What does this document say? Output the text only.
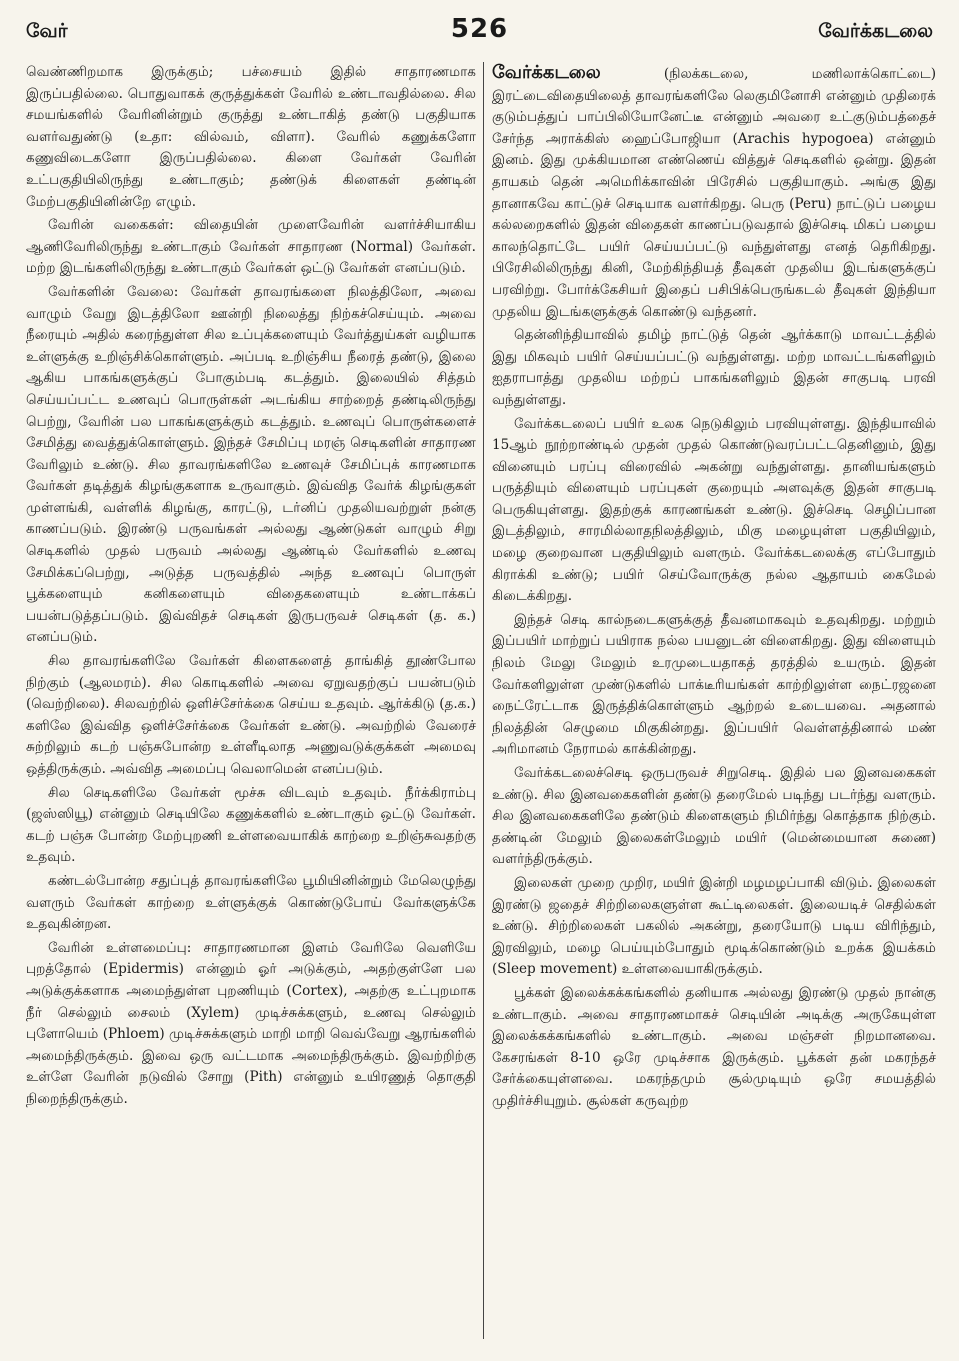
வேர்	526	வேர்க்கடலை

வெண்ணிறமாக இருக்கும்; பச்சையம் இதில் சாதாரணமாக இருப்பதில்லை. பொதுவாகக் குருத்துக்கள் வேரில் உண்டாவதில்லை. சில சமயங்களில் வேரினின்றும் குருத்து உண்டாகித் தண்டு பகுதியாக வளர்வதுண்டு (உதா: வில்வம், விளா). வேரில் கணுக்களோ கணுவிடைகளோ இருப்பதில்லை. கிளை வேர்கள் வேரின் உட்பகுதியிலிருந்து உண்டாகும்; தண்டுக் கிளைகள் தண்டின் மேற்பகுதியினின்றே எழும்.

வேரின் வகைகள்: விதையின் முளைவேரின் வளர்ச்சியாகிய ஆணிவேரிலிருந்து உண்டாகும் வேர்கள் சாதாரண (Normal) வேர்கள். மற்ற இடங்களிலிருந்து உண்டாகும் வேர்கள் ஒட்டு வேர்கள் எனப்படும்.

வேர்களின் வேலை: வேர்கள் தாவரங்களை நிலத்திலோ, அவை வாழும் வேறு இடத்திலோ ஊன்றி நிலைத்து நிற்கச்செய்யும். அவை நீரையும் அதில் கரைந்துள்ள சில உப்புக்களையும் வேர்த்துய்கள் வழியாக உள்ளுக்கு உறிஞ்சிக்கொள்ளும். அப்படி உறிஞ்சிய நீரைத் தண்டு, இலை ஆகிய பாகங்களுக்குப் போகும்படி கடத்தும். இலையில் சித்தம் செய்யப்பட்ட உணவுப் பொருள்கள் அடங்கிய சாற்றைத் தண்டிலிருந்து பெற்று, வேரின் பல பாகங்களுக்கும் கடத்தும். உணவுப் பொருள்களைச் சேமித்து வைத்துக்கொள்ளும். இந்தச் சேமிப்பு மரஞ் செடிகளின் சாதாரண வேரிலும் உண்டு. சில தாவரங்களிலே உணவுச் சேமிப்புக் காரணமாக வேர்கள் தடித்துக் கிழங்குகளாக உருவாகும். இவ்வித வேர்க் கிழங்குகள் முள்ளங்கி, வள்ளிக் கிழங்கு, காரட்டு, டர்னிப் முதலியவற்றுள் நன்கு காணப்படும். இரண்டு பருவங்கள் அல்லது ஆண்டுகள் வாழும் சிறு செடிகளில் முதல் பருவம் அல்லது ஆண்டில் வேர்களில் உணவு சேமிக்கப்பெற்று, அடுத்த பருவத்தில் அந்த உணவுப் பொருள் பூக்களையும் கனிகளையும் விதைகளையும் உண்டாக்கப் பயன்படுத்தப்படும். இவ்விதச் செடிகள் இருபருவச் செடிகள் (த. க.) எனப்படும்.

சில தாவரங்களிலே வேர்கள் கிளைகளைத் தாங்கித் தூண்போல நிற்கும் (ஆலமரம்). சில கொடிகளில் அவை ஏறுவதற்குப் பயன்படும் (வெற்றிலை). சிலவற்றில் ஒளிச்சேர்க்கை செய்ய உதவும். ஆர்க்கிடு (த.க.) களிலே இவ்வித ஒளிச்சேர்க்கை வேர்கள் உண்டு. அவற்றில் வேரைச் சுற்றிலும் கடற் பஞ்சுபோன்ற உள்ளீடிலாத அணுவடுக்குக்கள் அமைவு ஒத்திருக்கும். அவ்வித அமைப்பு வெலாமென் எனப்படும்.

சில செடிகளிலே வேர்கள் மூச்சு விடவும் உதவும். நீர்க்கிராம்பு (ஜஸ்ஸியூ) என்னும் செடியிலே கணுக்களில் உண்டாகும் ஒட்டு வேர்கள். கடற் பஞ்சு போன்ற மேற்புறணி உள்ளவையாகிக் காற்றை உறிஞ்சுவதற்கு உதவும்.

கண்டல்போன்ற சதுப்புத் தாவரங்களிலே பூமியினின்றும் மேலெழுந்து வளரும் வேர்கள் காற்றை உள்ளுக்குக் கொண்டுபோய் வேர்களுக்கே உதவுகின்றன.

வேரின் உள்ளமைப்பு: சாதாரணமான இளம் வேரிலே வெளியே புறத்தோல் (Epidermis) என்னும் ஓர் அடுக்கும், அதற்குள்ளே பல அடுக்குக்களாக அமைந்துள்ள புறணியும் (Cortex), அதற்கு உட்புறமாக நீர் செல்லும் சைலம் (Xylem) முடிச்சுக்களும், உணவு செல்லும் புளோயெம் (Phloem) முடிச்சுக்களும் மாறி மாறி வெவ்வேறு ஆரங்களில் அமைந்திருக்கும். இவை ஒரு வட்டமாக அமைந்திருக்கும். இவற்றிற்கு உள்ளே வேரின் நடுவில் சோறு (Pith) என்னும் உயிரணுத் தொகுதி நிறைந்திருக்கும்.

வேர்க்கடலை	(நிலக்கடலை, மணிலாக்கொட்டை) இரட்டைவிதையிலைத் தாவரங்களிலே லெகுமினோசி என்னும் முதிரைக் குடும்பத்துப் பாப்பிலியோனேட்டீ என்னும் அவரை உட்குடும்பத்தைச் சேர்ந்த அராக்கிஸ் ஹைப்போஜியா (Arachis hypogoea) என்னும் இனம். இது முக்கியமான எண்ணெய் வித்துச் செடிகளில் ஒன்று. இதன் தாயகம் தென் அமெரிக்காவின் பிரேசில் பகுதியாகும். அங்கு இது தானாகவே காட்டுச் செடியாக வளர்கிறது. பெரு (Peru) நாட்டுப் பழைய கல்லறைகளில் இதன் விதைகள் காணப்படுவதால் இச்செடி மிகப் பழைய காலந்தொட்டே பயிர் செய்யப்பட்டு வந்துள்ளது எனத் தெரிகிறது. பிரேசிலிலிருந்து கினி, மேற்கிந்தியத் தீவுகள் முதலிய இடங்களுக்குப் பரவிற்று. போர்க்கேசியர் இதைப் பசிபிக்பெருங்கடல் தீவுகள் இந்தியா முதலிய இடங்களுக்குக் கொண்டு வந்தனர்.

தென்னிந்தியாவில் தமிழ் நாட்டுத் தென் ஆர்க்காடு மாவட்டத்தில் இது மிகவும் பயிர் செய்யப்பட்டு வந்துள்ளது. மற்ற மாவட்டங்களிலும் ஐதராபாத்து முதலிய மற்றப் பாகங்களிலும் இதன் சாகுபடி பரவி வந்துள்ளது.

வேர்க்கடலைப் பயிர் உலக நெடுகிலும் பரவியுள்ளது. இந்தியாவில் 15ஆம் நூற்றாண்டில் முதன் முதல் கொண்டுவரப்பட்டதெனினும், இது வினையும் பரப்பு விரைவில் அகன்று வந்துள்ளது. தானியங்களும் பருத்தியும் விளையும் பரப்புகள் குறையும் அளவுக்கு இதன் சாகுபடி பெருகியுள்ளது. இதற்குக் காரணங்கள் உண்டு. இச்செடி செழிப்பான இடத்திலும், சாரமில்லாதநிலத்திலும், மிகு மழையுள்ள பகுதியிலும், மழை குறைவான பகுதியிலும் வளரும். வேர்க்கடலைக்கு எப்போதும் கிராக்கி உண்டு; பயிர் செய்வோருக்கு நல்ல ஆதாயம் கைமேல் கிடைக்கிறது.

இந்தச் செடி கால்நடைகளுக்குத் தீவனமாகவும் உதவுகிறது. மற்றும் இப்பயிர் மாற்றுப் பயிராக நல்ல பயனுடன் விளைகிறது. இது விளையும் நிலம் மேலு மேலும் உரமுடையதாகத் தரத்தில் உயரும். இதன் வேர்களிலுள்ள முண்டுகளில் பாக்டீரியங்கள் காற்றிலுள்ள நைட்ரஜனை நைட்ரேட்டாக இருத்திக்கொள்ளும் ஆற்றல் உடையவை. அதனால் நிலத்தின் செழுமை மிகுகின்றது. இப்பயிர் வெள்ளத்தினால் மண் அரிமானம் நேராமல் காக்கின்றது.

வேர்க்கடலைச்செடி ஒருபருவச் சிறுசெடி. இதில் பல இனவகைகள் உண்டு. சில இனவகைகளின் தண்டு தரைமேல் படிந்து படர்ந்து வளரும். சில இனவகைகளிலே தண்டும் கிளைகளும் நிமிர்ந்து கொத்தாக நிற்கும். தண்டின் மேலும் இலைகள்மேலும் மயிர் (மென்மையான சுணை) வளர்ந்திருக்கும்.

இலைகள் முறை முறிர, மயிர் இன்றி மழமழப்பாகி விடும். இலைகள் இரண்டு ஜதைச் சிற்றிலைகளுள்ள கூட்டிலைகள். இலையடிச் செதில்கள் உண்டு. சிற்றிலைகள் பகலில் அகன்று, தரையோடு படிய விரிந்தும், இரவிலும், மழை பெய்யும்போதும் மூடிக்கொண்டும் உறக்க இயக்கம் (Sleep movement) உள்ளவையாகிருக்கும்.

பூக்கள் இலைக்கக்கங்களில் தனியாக அல்லது இரண்டு முதல் நான்கு உண்டாகும். அவை சாதாரணமாகச் செடியின் அடிக்கு அருகேயுள்ள இலைக்கக்கங்களில் உண்டாகும். அவை மஞ்சள் நிறமானவை. கேசரங்கள் 8-10 ஒரே முடிச்சாக இருக்கும். பூக்கள் தன் மகரந்தச் சேர்க்கையுள்ளவை. மகரந்தமும் சூல்முடியும் ஒரே சமயத்தில் முதிர்ச்சியுறும். சூல்கள் கருவுற்ற
